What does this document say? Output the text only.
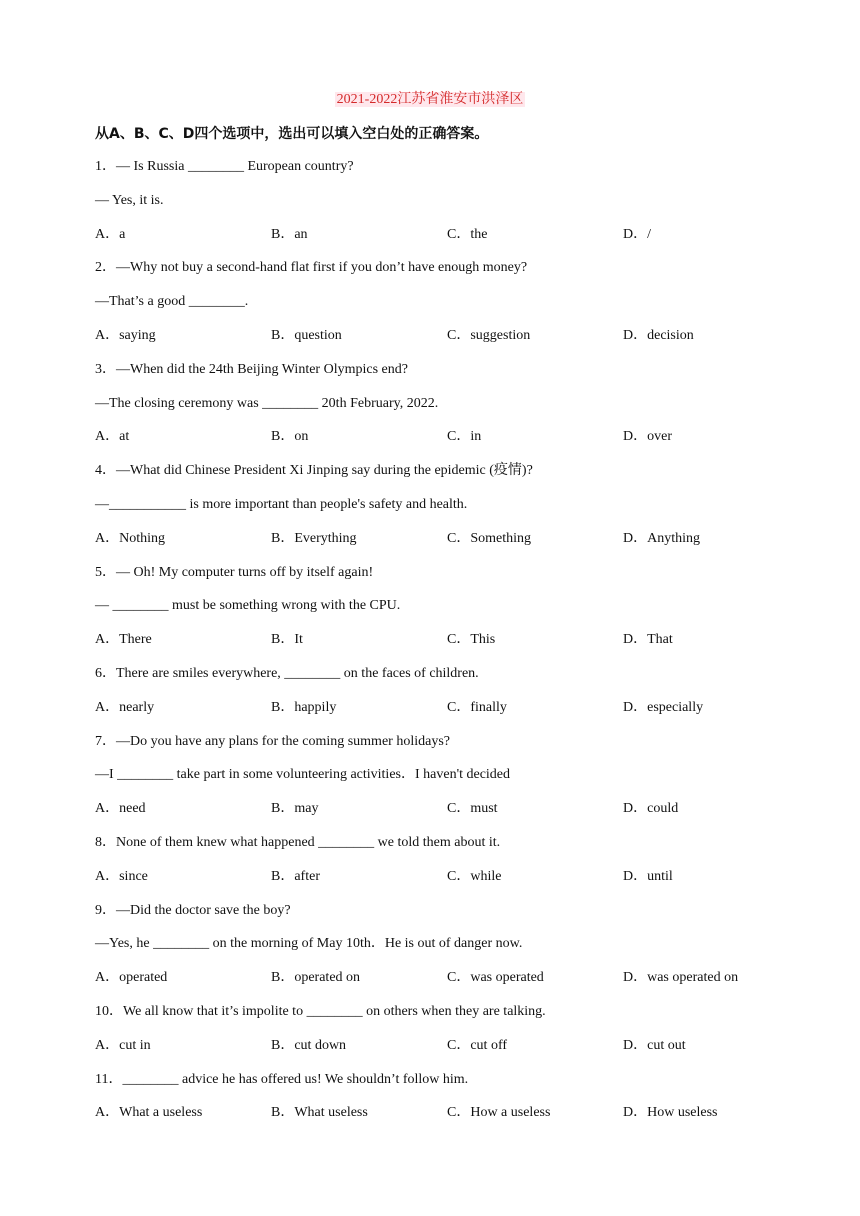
2021-2022江苏省淮安市洪泽区
从A、B、C、D四个选项中，选出可以填入空白处的正确答案。
1．— Is Russia ________ European country?
— Yes, it is.
A．a	B．an	C．the	D．/
2．—Why not buy a second-hand flat first if you don’t have enough money?
—That’s a good ________.
A．saying	B．question	C．suggestion	D．decision
3．—When did the 24th Beijing Winter Olympics end?
—The closing ceremony was ________ 20th February, 2022.
A．at	B．on	C．in	D．over
4．—What did Chinese President Xi Jinping say during the epidemic (疫情)?
—___________ is more important than people's safety and health.
A．Nothing	B．Everything	C．Something	D．Anything
5．— Oh! My computer turns off by itself again!
— ________ must be something wrong with the CPU.
A．There	B．It	C．This	D．That
6．There are smiles everywhere, ________ on the faces of children.
A．nearly	B．happily	C．finally	D．especially
7．—Do you have any plans for the coming summer holidays?
—I ________ take part in some volunteering activities．I haven't decided
A．need	B．may	C．must	D．could
8．None of them knew what happened ________ we told them about it.
A．since	B．after	C．while	D．until
9．—Did the doctor save the boy?
—Yes, he ________ on the morning of May 10th．He is out of danger now.
A．operated	B．operated on	C．was operated	D．was operated on
10．We all know that it’s impolite to ________ on others when they are talking.
A．cut in	B．cut down	C．cut off	D．cut out
11．________ advice he has offered us! We shouldn’t follow him.
A．What a useless	B．What useless	C．How a useless	D．How useless
